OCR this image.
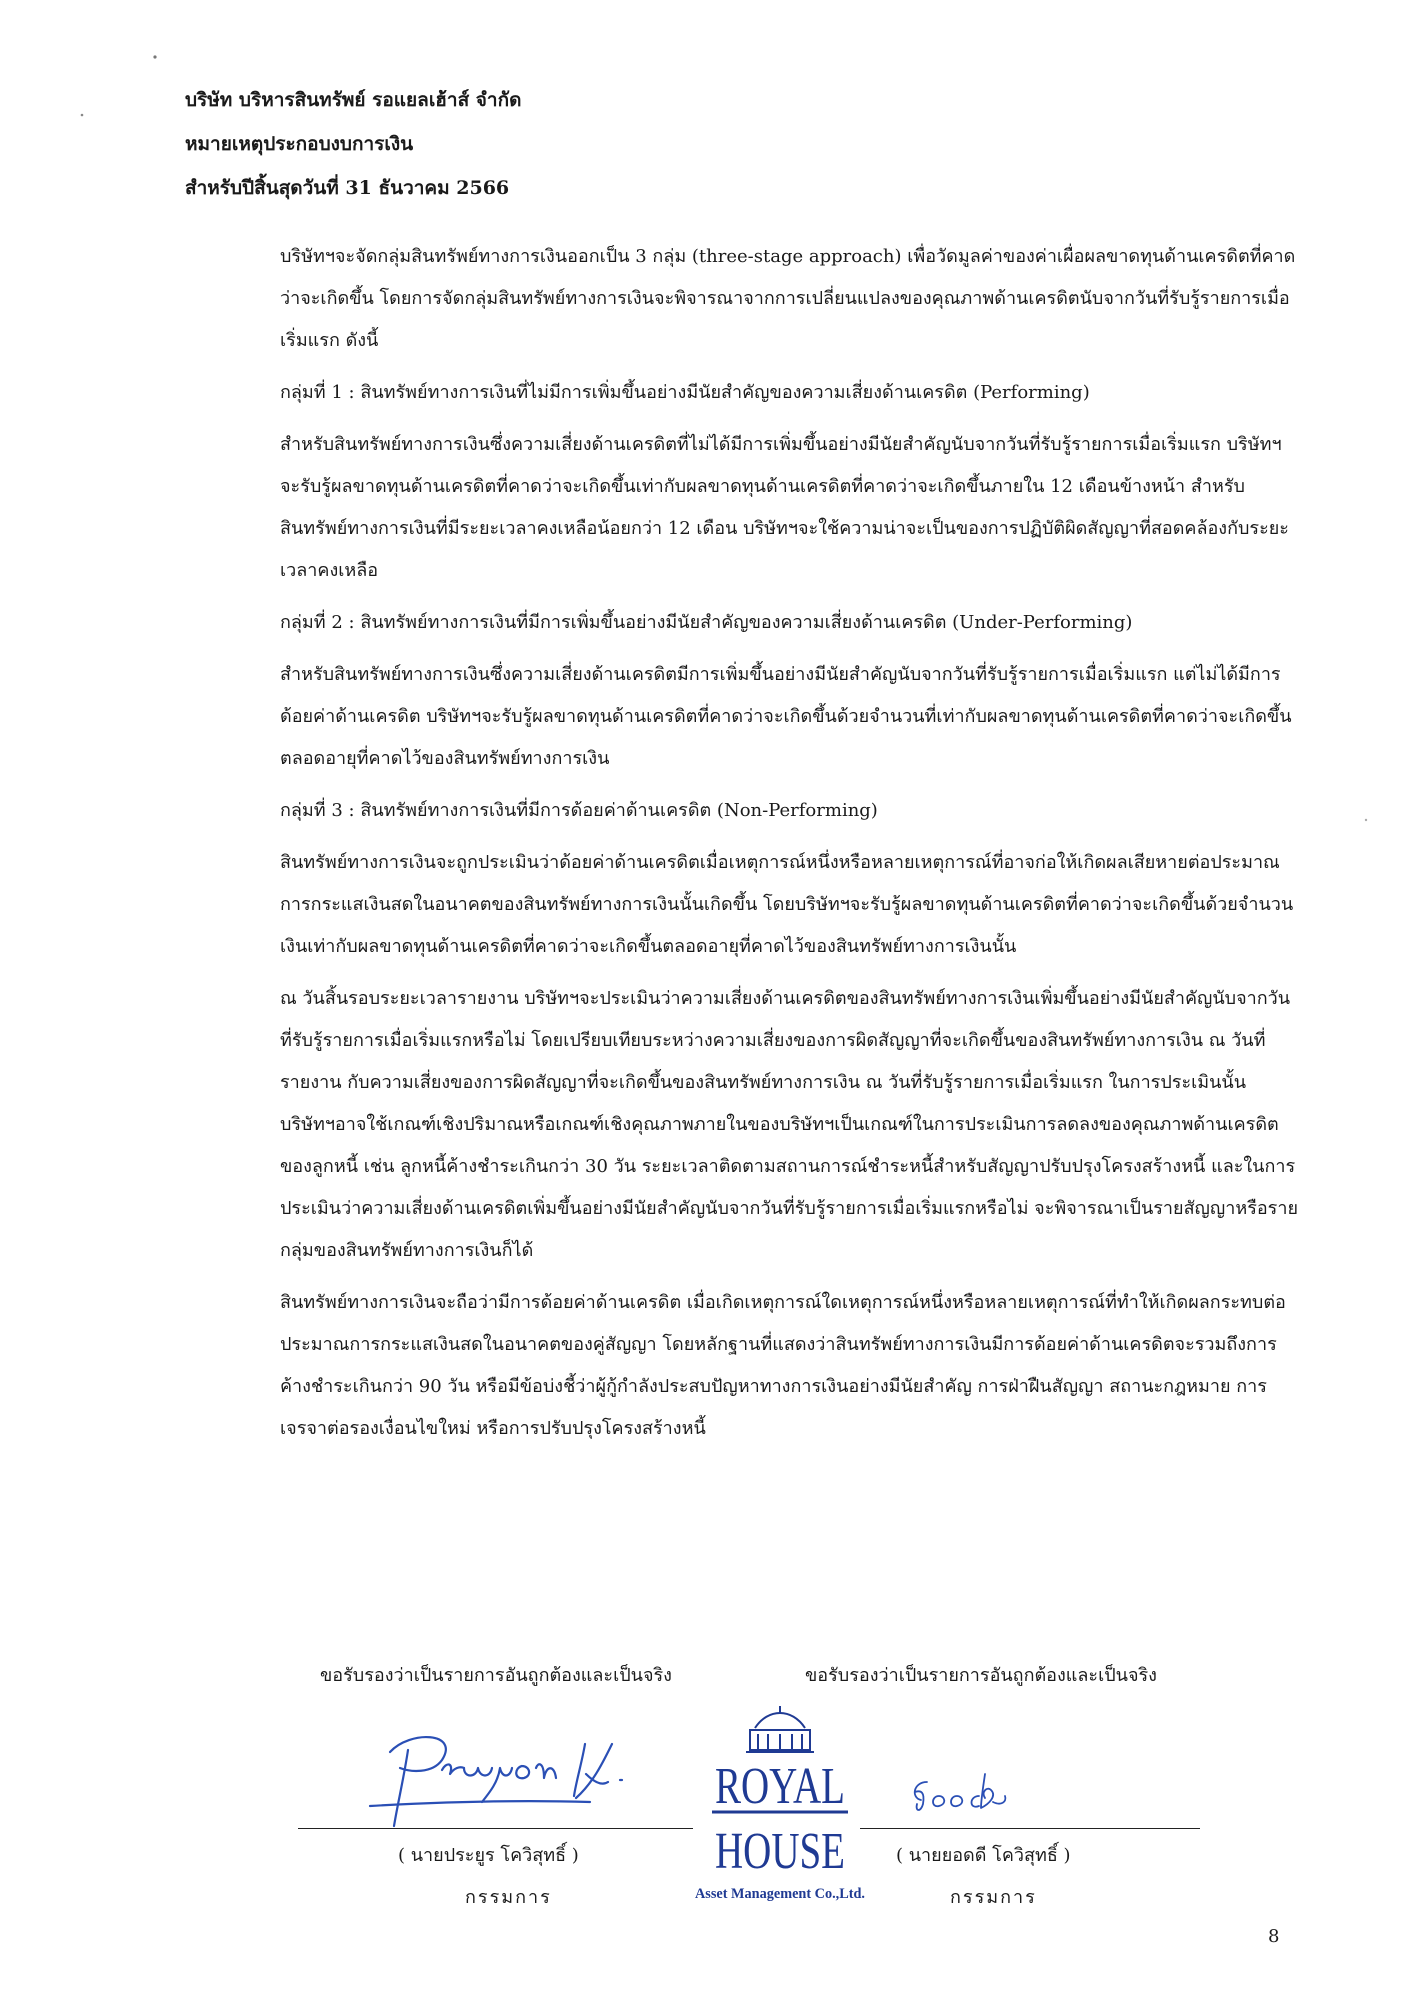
บริษัท บริหารสินทรัพย์ รอแยลเฮ้าส์ จำกัด
หมายเหตุประกอบงบการเงิน
สำหรับปีสิ้นสุดวันที่ 31 ธันวาคม 2566

บริษัทฯจะจัดกลุ่มสินทรัพย์ทางการเงินออกเป็น 3 กลุ่ม (three-stage approach) เพื่อวัดมูลค่าของค่าเผื่อผลขาดทุนด้านเครดิตที่คาดว่าจะเกิดขึ้น โดยการจัดกลุ่มสินทรัพย์ทางการเงินจะพิจารณาจากการเปลี่ยนแปลงของคุณภาพด้านเครดิตนับจากวันที่รับรู้รายการเมื่อเริ่มแรก ดังนี้

กลุ่มที่ 1 : สินทรัพย์ทางการเงินที่ไม่มีการเพิ่มขึ้นอย่างมีนัยสำคัญของความเสี่ยงด้านเครดิต (Performing)

สำหรับสินทรัพย์ทางการเงินซึ่งความเสี่ยงด้านเครดิตที่ไม่ได้มีการเพิ่มขึ้นอย่างมีนัยสำคัญนับจากวันที่รับรู้รายการเมื่อเริ่มแรก บริษัทฯจะรับรู้ผลขาดทุนด้านเครดิตที่คาดว่าจะเกิดขึ้นเท่ากับผลขาดทุนด้านเครดิตที่คาดว่าจะเกิดขึ้นภายใน 12 เดือนข้างหน้า สำหรับสินทรัพย์ทางการเงินที่มีระยะเวลาคงเหลือน้อยกว่า 12 เดือน บริษัทฯจะใช้ความน่าจะเป็นของการปฏิบัติผิดสัญญาที่สอดคล้องกับระยะเวลาคงเหลือ

กลุ่มที่ 2 : สินทรัพย์ทางการเงินที่มีการเพิ่มขึ้นอย่างมีนัยสำคัญของความเสี่ยงด้านเครดิต (Under-Performing)

สำหรับสินทรัพย์ทางการเงินซึ่งความเสี่ยงด้านเครดิตมีการเพิ่มขึ้นอย่างมีนัยสำคัญนับจากวันที่รับรู้รายการเมื่อเริ่มแรก แต่ไม่ได้มีการด้อยค่าด้านเครดิต บริษัทฯจะรับรู้ผลขาดทุนด้านเครดิตที่คาดว่าจะเกิดขึ้นด้วยจำนวนที่เท่ากับผลขาดทุนด้านเครดิตที่คาดว่าจะเกิดขึ้นตลอดอายุที่คาดไว้ของสินทรัพย์ทางการเงิน

กลุ่มที่ 3 : สินทรัพย์ทางการเงินที่มีการด้อยค่าด้านเครดิต (Non-Performing)

สินทรัพย์ทางการเงินจะถูกประเมินว่าด้อยค่าด้านเครดิตเมื่อเหตุการณ์หนึ่งหรือหลายเหตุการณ์ที่อาจก่อให้เกิดผลเสียหายต่อประมาณการกระแสเงินสดในอนาคตของสินทรัพย์ทางการเงินนั้นเกิดขึ้น โดยบริษัทฯจะรับรู้ผลขาดทุนด้านเครดิตที่คาดว่าจะเกิดขึ้นด้วยจำนวนเงินเท่ากับผลขาดทุนด้านเครดิตที่คาดว่าจะเกิดขึ้นตลอดอายุที่คาดไว้ของสินทรัพย์ทางการเงินนั้น

ณ วันสิ้นรอบระยะเวลารายงาน บริษัทฯจะประเมินว่าความเสี่ยงด้านเครดิตของสินทรัพย์ทางการเงินเพิ่มขึ้นอย่างมีนัยสำคัญนับจากวันที่รับรู้รายการเมื่อเริ่มแรกหรือไม่ โดยเปรียบเทียบระหว่างความเสี่ยงของการผิดสัญญาที่จะเกิดขึ้นของสินทรัพย์ทางการเงิน ณ วันที่รายงาน กับความเสี่ยงของการผิดสัญญาที่จะเกิดขึ้นของสินทรัพย์ทางการเงิน ณ วันที่รับรู้รายการเมื่อเริ่มแรก ในการประเมินนั้นบริษัทฯอาจใช้เกณฑ์เชิงปริมาณหรือเกณฑ์เชิงคุณภาพภายในของบริษัทฯเป็นเกณฑ์ในการประเมินการลดลงของคุณภาพด้านเครดิตของลูกหนี้ เช่น ลูกหนี้ค้างชำระเกินกว่า 30 วัน ระยะเวลาติดตามสถานการณ์ชำระหนี้สำหรับสัญญาปรับปรุงโครงสร้างหนี้ และในการประเมินว่าความเสี่ยงด้านเครดิตเพิ่มขึ้นอย่างมีนัยสำคัญนับจากวันที่รับรู้รายการเมื่อเริ่มแรกหรือไม่ จะพิจารณาเป็นรายสัญญาหรือรายกลุ่มของสินทรัพย์ทางการเงินก็ได้

สินทรัพย์ทางการเงินจะถือว่ามีการด้อยค่าด้านเครดิต เมื่อเกิดเหตุการณ์ใดเหตุการณ์หนึ่งหรือหลายเหตุการณ์ที่ทำให้เกิดผลกระทบต่อประมาณการกระแสเงินสดในอนาคตของคู่สัญญา โดยหลักฐานที่แสดงว่าสินทรัพย์ทางการเงินมีการด้อยค่าด้านเครดิตจะรวมถึงการค้างชำระเกินกว่า 90 วัน หรือมีข้อบ่งชี้ว่าผู้กู้กำลังประสบปัญหาทางการเงินอย่างมีนัยสำคัญ การฝ่าฝืนสัญญา สถานะกฎหมาย การเจรจาต่อรองเงื่อนไขใหม่ หรือการปรับปรุงโครงสร้างหนี้

ขอรับรองว่าเป็นรายการอันถูกต้องและเป็นจริง	ขอรับรองว่าเป็นรายการอันถูกต้องและเป็นจริง
ROYAL
HOUSE
Asset Management Co.,Ltd.
( นายประยูร โควิสุทธิ์ )	( นายยอดดี โควิสุทธิ์ )
กรรมการ	กรรมการ
8
